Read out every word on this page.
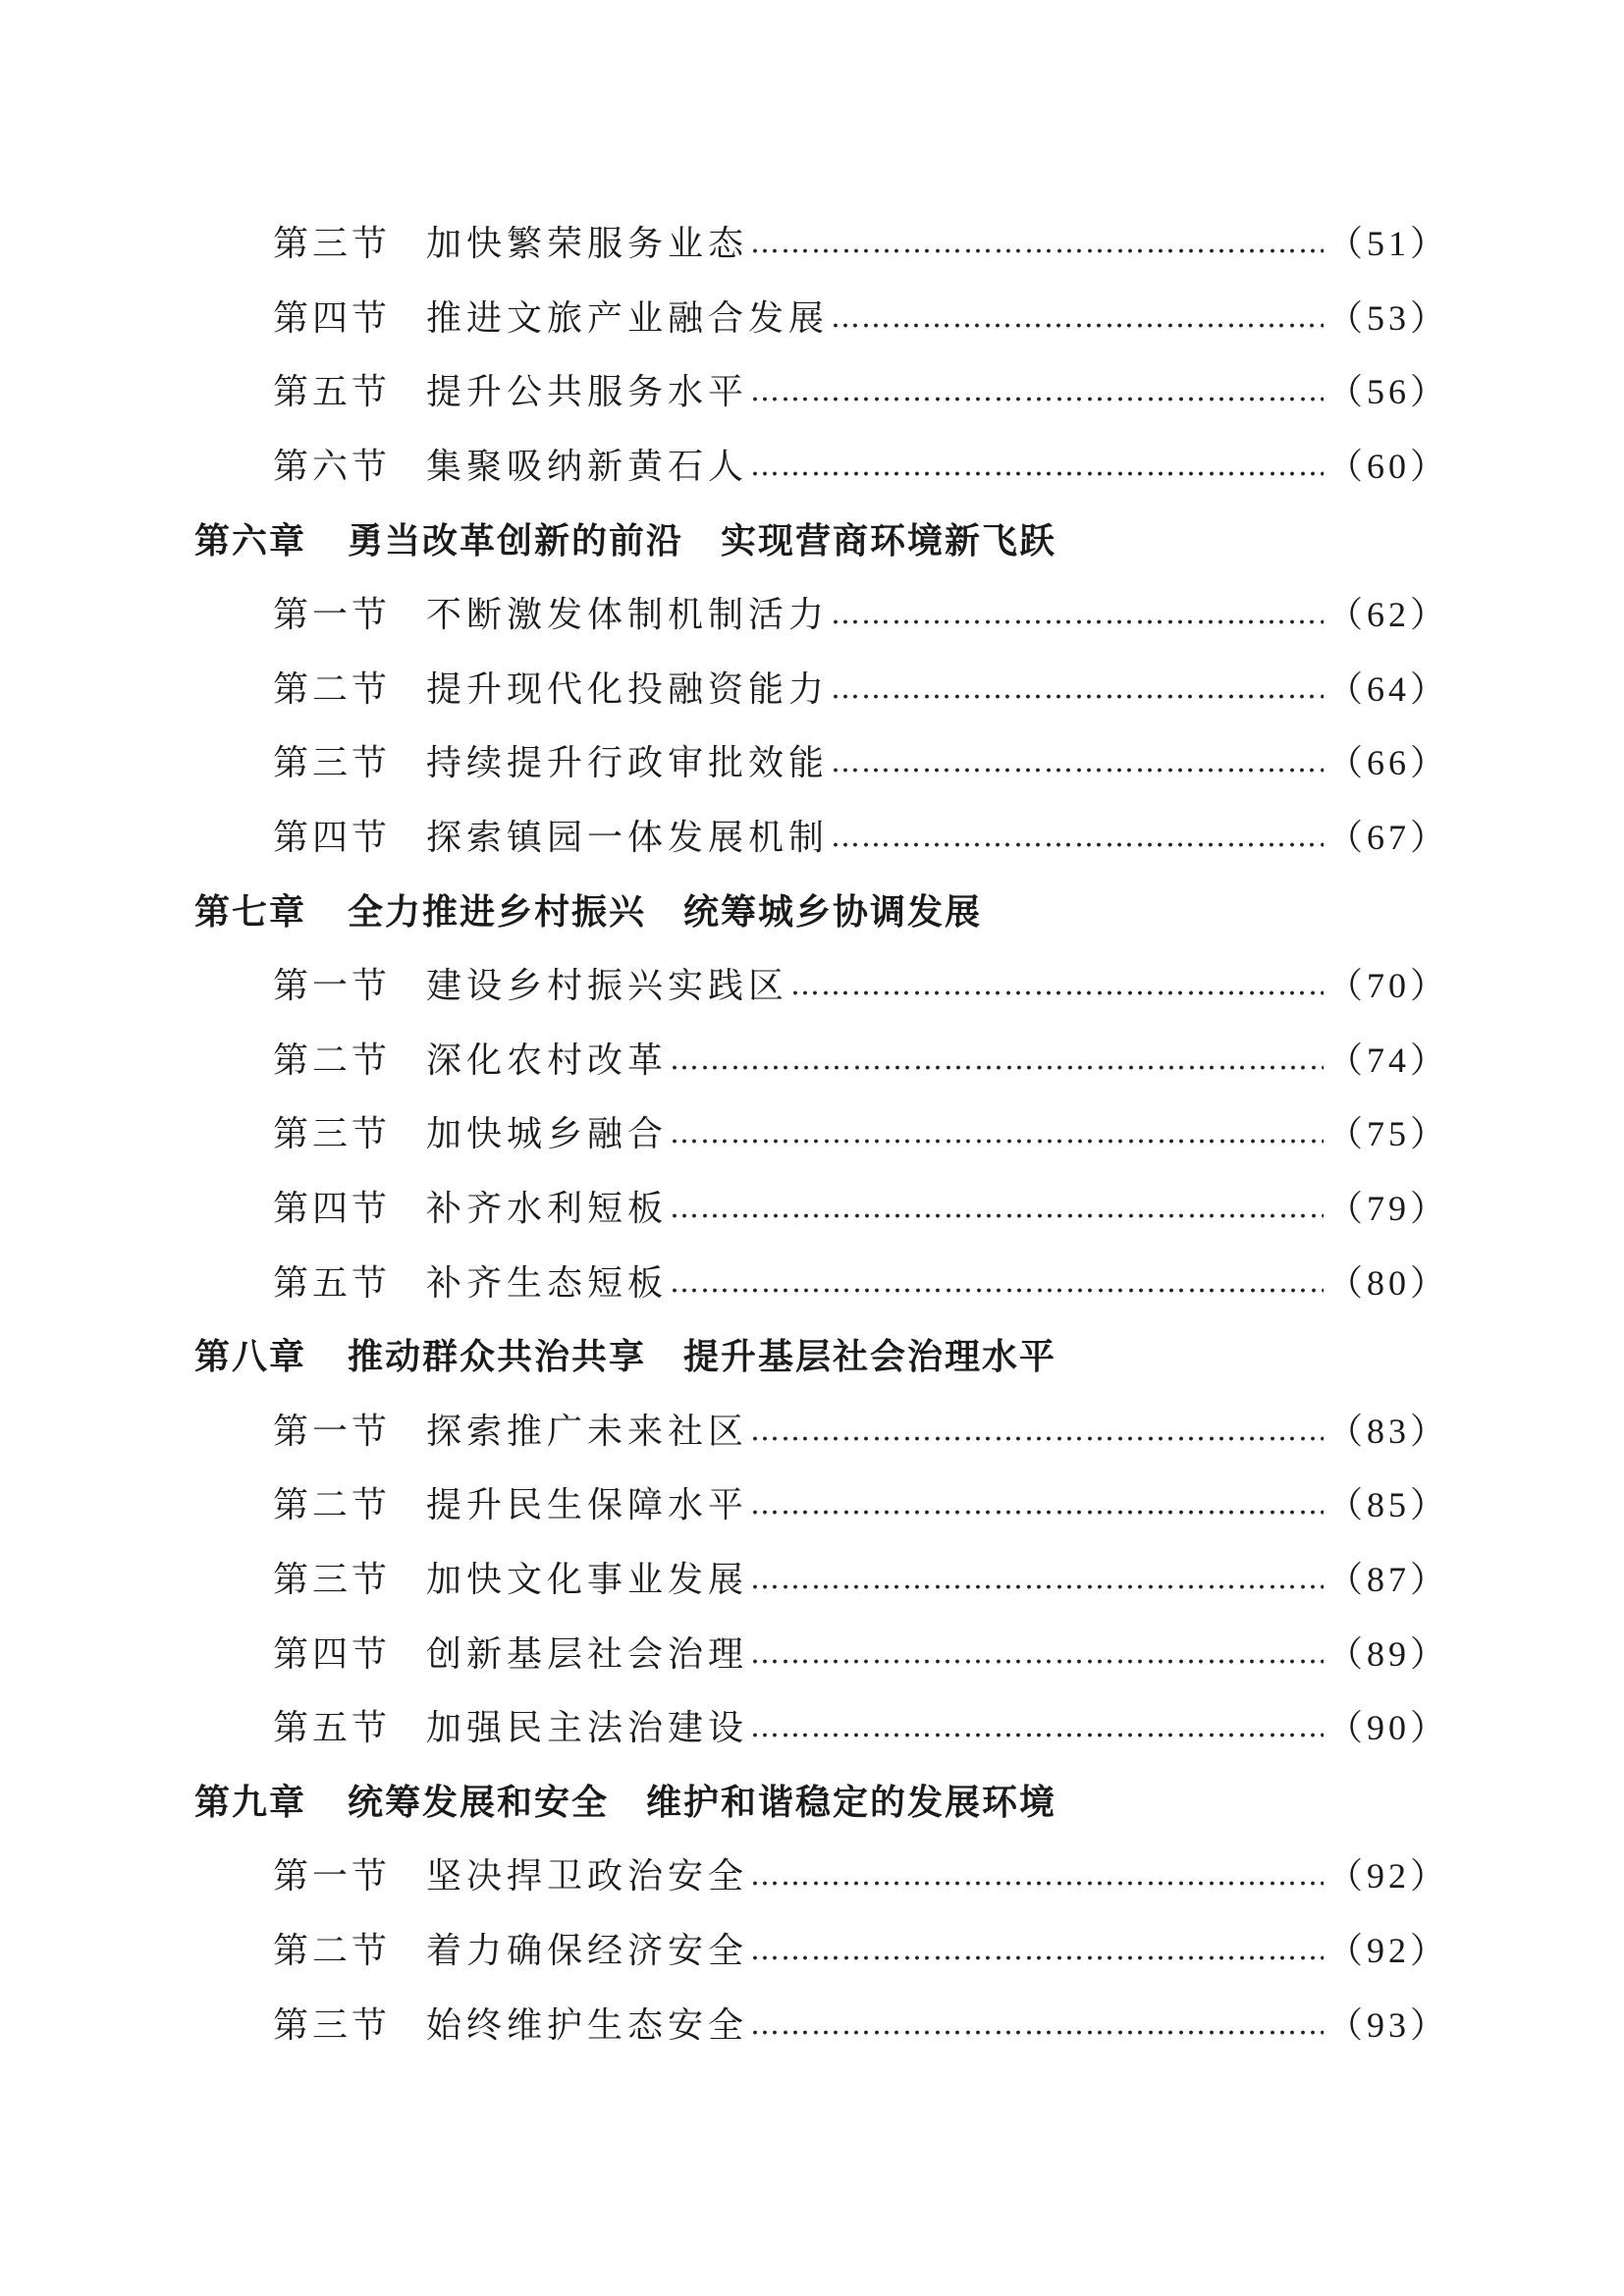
第三节 加快繁荣服务业态 …………………………………………………………………………………………………………………………………………………………	（51）
第四节 推进文旅产业融合发展 …………………………………………………………………………………………………………………………………………………………	（53）
第五节 提升公共服务水平 …………………………………………………………………………………………………………………………………………………………	（56）
第六节 集聚吸纳新黄石人 …………………………………………………………………………………………………………………………………………………………	（60）
第六章	勇当改革创新的前沿　实现营商环境新飞跃
第一节 不断激发体制机制活力 …………………………………………………………………………………………………………………………………………………………	（62）
第二节 提升现代化投融资能力 …………………………………………………………………………………………………………………………………………………………	（64）
第三节 持续提升行政审批效能 …………………………………………………………………………………………………………………………………………………………	（66）
第四节 探索镇园一体发展机制 …………………………………………………………………………………………………………………………………………………………	（67）
第七章	全力推进乡村振兴　统筹城乡协调发展
第一节 建设乡村振兴实践区 …………………………………………………………………………………………………………………………………………………………	（70）
第二节 深化农村改革 …………………………………………………………………………………………………………………………………………………………	（74）
第三节 加快城乡融合 …………………………………………………………………………………………………………………………………………………………	（75）
第四节 补齐水利短板 …………………………………………………………………………………………………………………………………………………………	（79）
第五节 补齐生态短板 …………………………………………………………………………………………………………………………………………………………	（80）
第八章	推动群众共治共享　提升基层社会治理水平
第一节 探索推广未来社区 …………………………………………………………………………………………………………………………………………………………	（83）
第二节 提升民生保障水平 …………………………………………………………………………………………………………………………………………………………	（85）
第三节 加快文化事业发展 …………………………………………………………………………………………………………………………………………………………	（87）
第四节 创新基层社会治理 …………………………………………………………………………………………………………………………………………………………	（89）
第五节 加强民主法治建设 …………………………………………………………………………………………………………………………………………………………	（90）
第九章	统筹发展和安全　维护和谐稳定的发展环境
第一节 坚决捍卫政治安全 …………………………………………………………………………………………………………………………………………………………	（92）
第二节 着力确保经济安全 …………………………………………………………………………………………………………………………………………………………	（92）
第三节 始终维护生态安全 …………………………………………………………………………………………………………………………………………………………	（93）
